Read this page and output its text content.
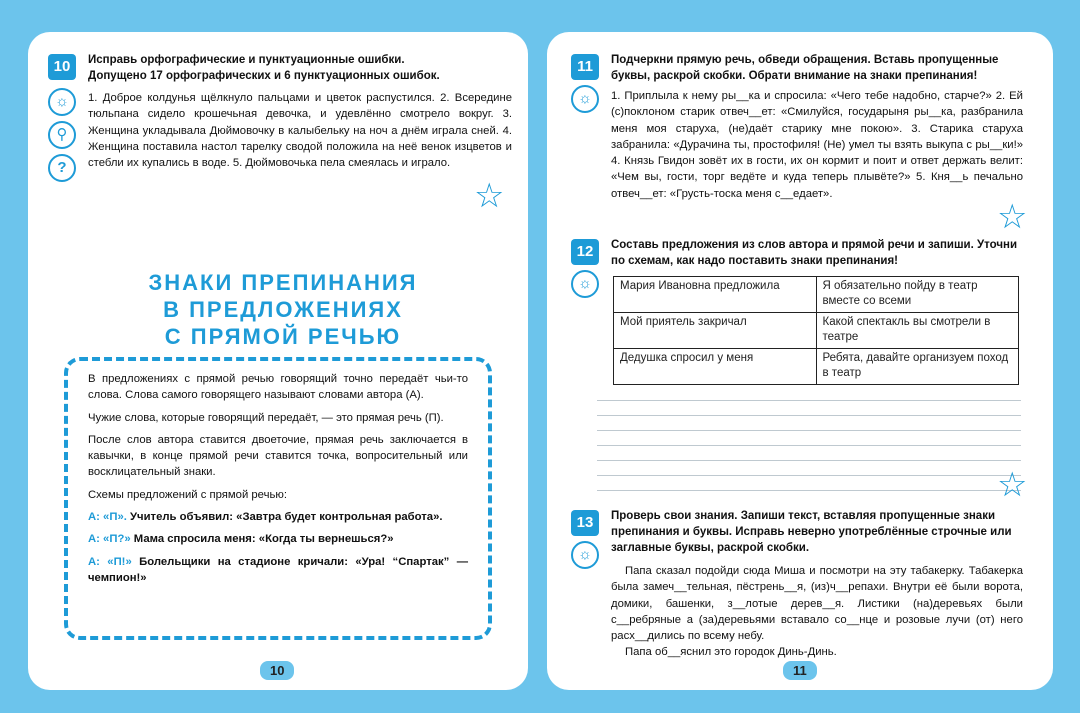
10
☼
⚲
?

Исправь орфографические и пунктуационные ошибки.

Допущено 17 орфографических и 6 пунктуационных ошибок.

1. Доброе колдунья щёлкнуло пальцами и цветок распустился. 2. Всередине тюльпана сидело крошечьная девочка, и удевлённо смотрело вокруг. 3. Женщина укладывала Дюймовочку в калыбельку на ноч а днём играла сней. 4. Женщина поставила настол тарелку сводой положила на неё венок изцветов и стебли их купались в воде. 5. Дюймовочька пела смеялась и играло.

☆
ЗНАКИ ПРЕПИНАНИЯ
В ПРЕДЛОЖЕНИЯХ
С ПРЯМОЙ РЕЧЬЮ

В предложениях с прямой речью говорящий точно передаёт чьи-то слова. Слова самого говорящего называют словами автора (А).

Чужие слова, которые говорящий передаёт, — это прямая речь (П).

После слов автора ставится двоеточие, прямая речь заключается в кавычки, в конце прямой речи ставится точка, вопросительный или восклицательный знаки.

Схемы предложений с прямой речью:

А: «П». Учитель объявил: «Завтра будет контрольная работа».

А: «П?» Мама спросила меня: «Когда ты вернешься?»

А: «П!» Болельщики на стадионе кричали: «Ура! “Спартак” — чемпион!»

10
11
☼

Подчеркни прямую речь, обведи обращения. Вставь пропущенные буквы, раскрой скобки. Обрати внимание на знаки препинания!

1. Приплыла к нему ры__ка и спросила: «Чего тебе надобно, старче?» 2. Ей (с)поклоном старик отвеч__ет: «Смилуйся, государыня ры__ка, разбранила меня моя старуха, (не)даёт старику мне покою». 3. Старика старуха забранила: «Дурачина ты, простофиля! (Не) умел ты взять выкупа с ры__ки!» 4. Князь Гвидон зовёт их в гости, их он кормит и поит и ответ держать велит: «Чем вы, гости, торг ведёте и куда теперь плывёте?» 5. Кня__ь печально отвеч__ет: «Грусть-тоска меня с__едает».

☆
12
☼

Составь предложения из слов автора и прямой речи и запиши. Уточни по схемам, как надо поставить знаки препинания!

Мария Ивановна предложила	Я обязательно пойду в театр вместе со всеми
Мой приятель закричал	Какой спектакль вы смотрели в театре
Дедушка спросил у меня	Ребята, давайте организуем поход в театр
☆
13
☼

Проверь свои знания. Запиши текст, вставляя пропущенные знаки препинания и буквы. Исправь неверно употреблённые строчные или заглавные буквы, раскрой скобки.

Папа сказал подойди сюда Миша и посмотри на эту табакерку. Табакерка была замеч__тельная, пёстрень__я, (из)ч__репахи. Внутри её были ворота, домики, башенки, з__лотые дерев__я. Листики (на)деревьях были с__ребряные а (за)деревьями вставало со__нце и розовые лучи (от) него расх__дились по всему небу.

Папа об__яснил это городок Динь-Динь.

11
